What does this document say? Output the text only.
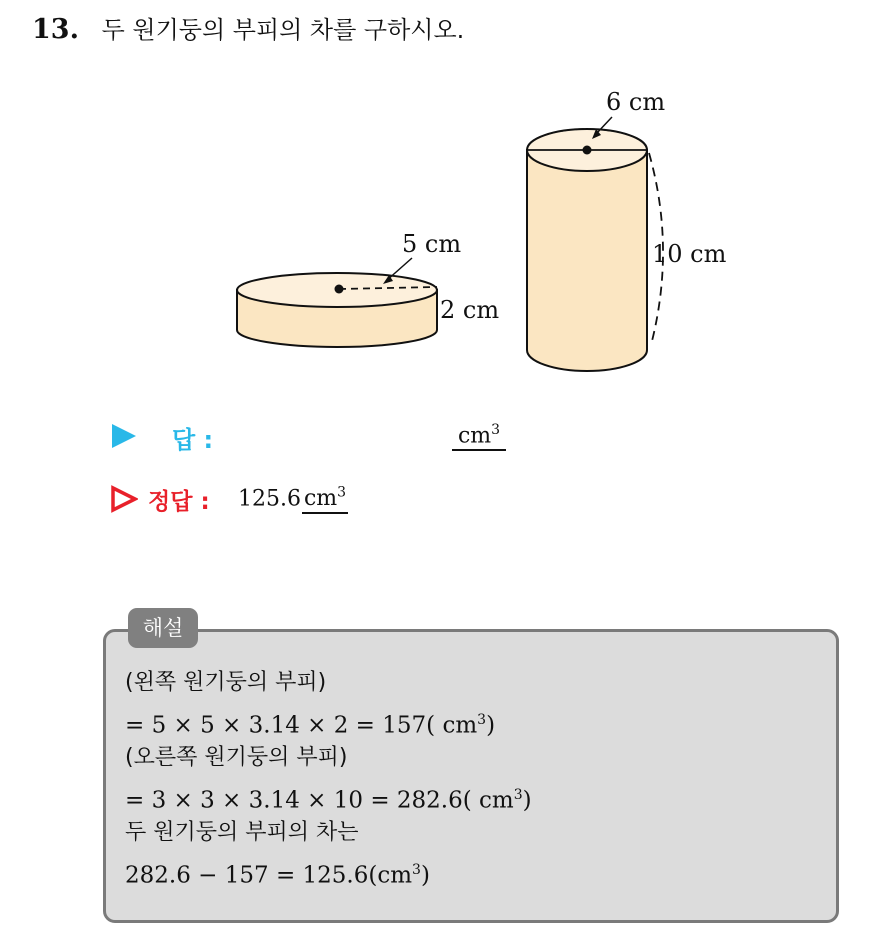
13. 두 원기둥의 부피의 차를 구하시오.
5 cm
2 cm
6 cm
10 cm
답 :	$cm^3$
정답 : 125.6 $cm^3$
해설
(왼쪽 원기둥의 부피)
= 5 × 5 × 3.14 × 2 = 157( $cm^3$)
(오른쪽 원기둥의 부피)
= 3 × 3 × 3.14 × 10 = 282.6( $cm^3$)
두 원기둥의 부피의 차는
$282.6 - 157 = 125.6(cm^3)$
